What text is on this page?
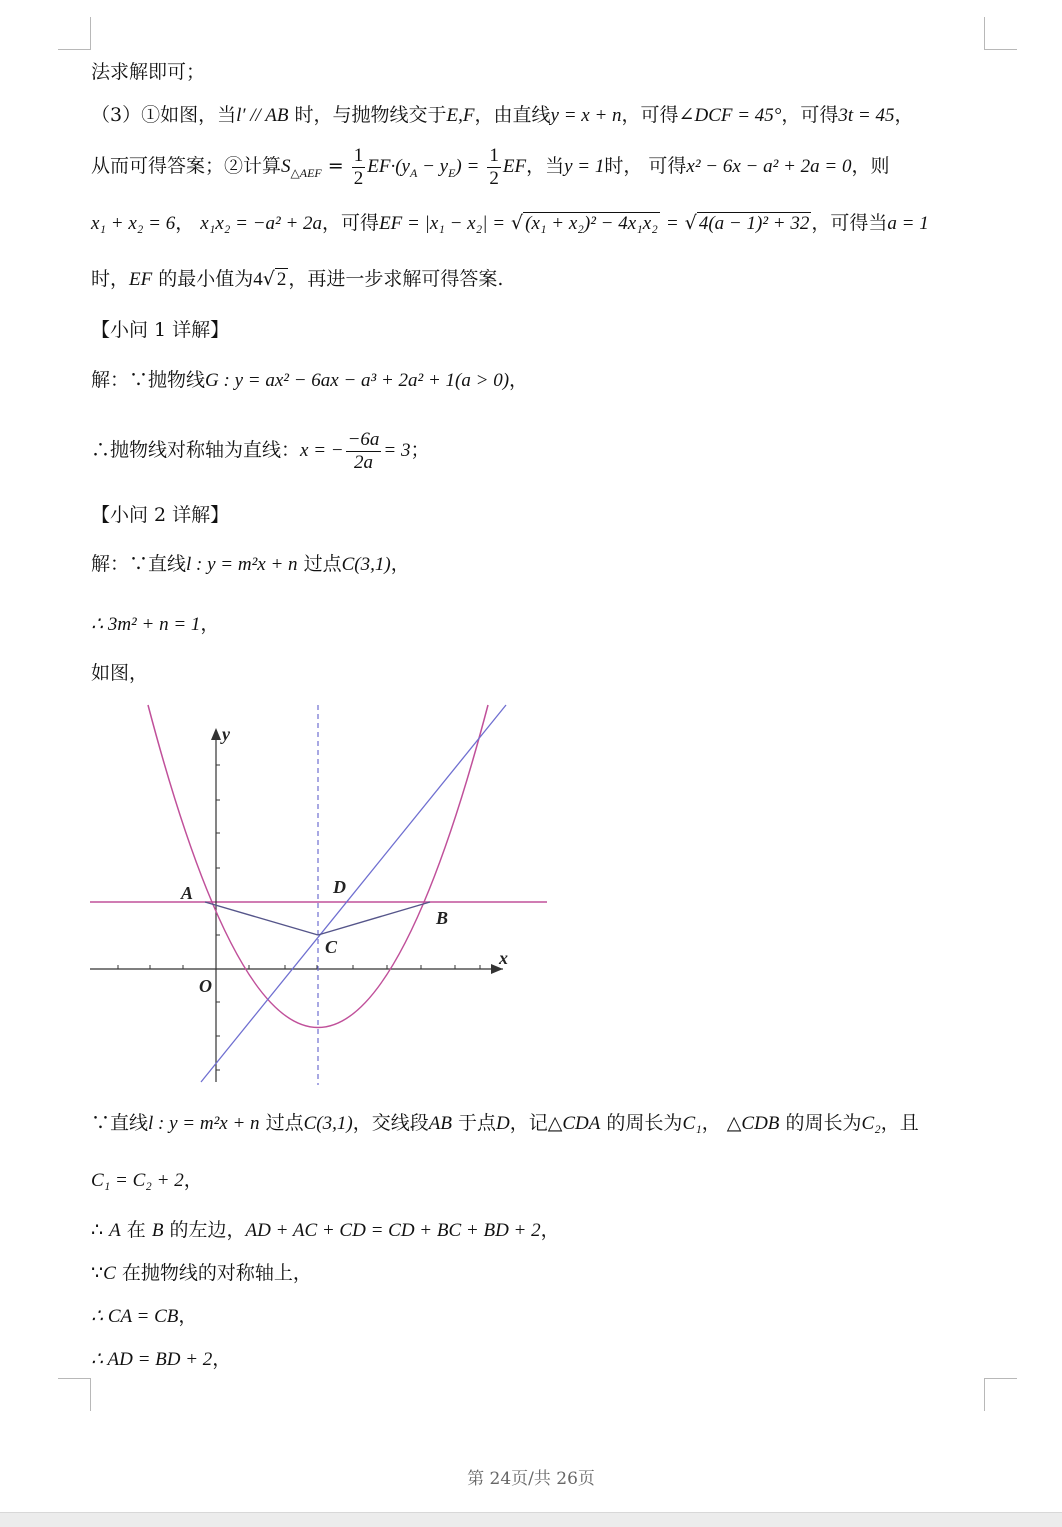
法求解即可；
（3）①如图，当l′ // AB 时，与抛物线交于E,F，由直线y = x + n，可得∠DCF = 45°，可得3t = 45，
从而可得答案；②计算$S_{\triangle AEF} = \frac{1}{2} EF\cdot(y_A - y_E) = \frac{1}{2}$ EF，当y = 1时， 可得x² − 6x − a² + 2a = 0，则
x₁ + x₂ = 6， x₁x₂ = −a² + 2a，可得EF = |x₁ − x₂| = √ (x₁ + x₂)² − 4x₁x₂ = √ 4(a − 1)² + 32 ，可得当a = 1
时，EF 的最小值为4√ 2 ，再进一步求解可得答案.
【小问 1 详解】
解：∵抛物线G : y = ax² − 6ax − a³ + 2a² + 1(a > 0)，
∴抛物线对称轴为直线：x = − $\frac{-6a}{2a} = 3$；
【小问 2 详解】
解：∵直线l : y = m²x + n 过点C(3,1)，
∴ 3m² + n = 1，
如图，
y
x
A
B
C
D
O
∵直线l : y = m²x + n 过点C(3,1)，交线段AB 于点D，记△CDA 的周长为C₁， △CDB 的周长为C₂，且
C₁ = C₂ + 2，
∴ A 在 B 的左边，AD + AC + CD = CD + BC + BD + 2，
∵C 在抛物线的对称轴上，
∴ CA = CB，
∴ AD = BD + 2，
第 24页/共 26页
